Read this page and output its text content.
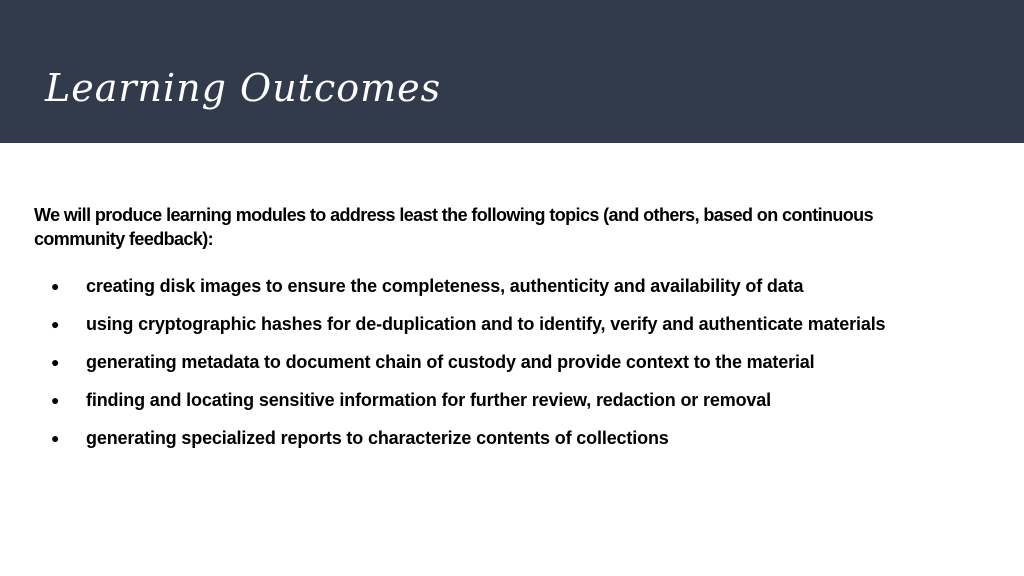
Learning Outcomes

We will produce learning modules to address least the following topics (and others, based on continuous community feedback):

● creating disk images to ensure the completeness, authenticity and availability of data
● using cryptographic hashes for de-duplication and to identify, verify and authenticate materials
● generating metadata to document chain of custody and provide context to the material
● finding and locating sensitive information for further review, redaction or removal
● generating specialized reports to characterize contents of collections
